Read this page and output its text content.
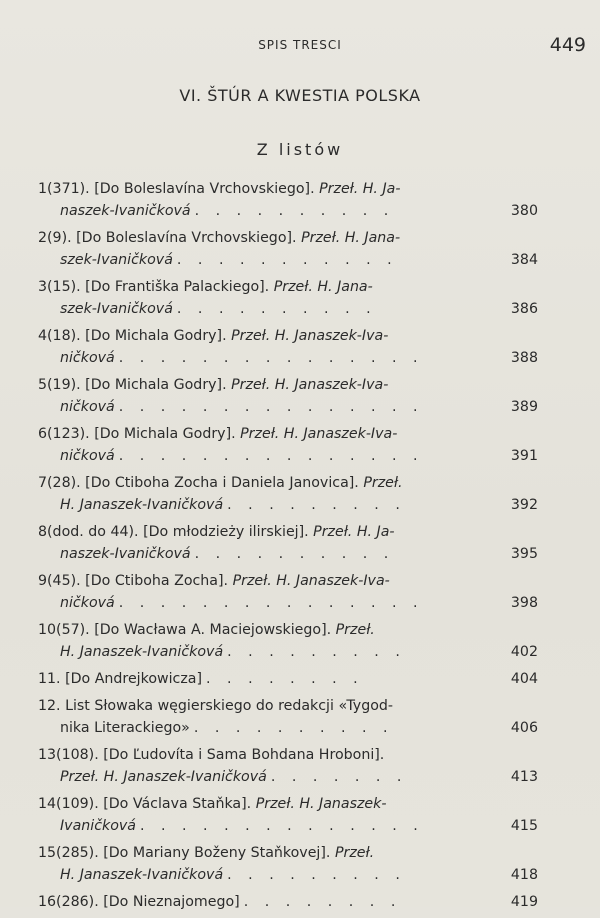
SPIS TRESCI	449
VI. ŠTÚR A KWESTIA POLSKA
Z listów
1(371). [Do Boleslavína Vrchovskiego]. Przeł. H. Ja-
naszek-Ivaničková . . . . . . . . . .	380
2(9). [Do Boleslavína Vrchovskiego]. Przeł. H. Jana-
szek-Ivaničková . . . . . . . . . . .	384
3(15). [Do Františka Palackiego]. Przeł. H. Jana-
szek-Ivaničková . . . . . . . . . .	386
4(18). [Do Michala Godry]. Przeł. H. Janaszek-Iva-
ničková . . . . . . . . . . . . . . .	388
5(19). [Do Michala Godry]. Przeł. H. Janaszek-Iva-
ničková . . . . . . . . . . . . . . .	389
6(123). [Do Michala Godry]. Przeł. H. Janaszek-Iva-
ničková . . . . . . . . . . . . . . .	391
7(28). [Do Ctiboha Zocha i Daniela Janovica]. Przeł.
H. Janaszek-Ivaničková . . . . . . . . .	392
8(dod. do 44). [Do młodzieży ilirskiej]. Przeł. H. Ja-
naszek-Ivaničková . . . . . . . . . .	395
9(45). [Do Ctiboha Zocha]. Przeł. H. Janaszek-Iva-
ničková . . . . . . . . . . . . . . .	398
10(57). [Do Wacława A. Maciejowskiego]. Przeł.
H. Janaszek-Ivaničková . . . . . . . . .	402
11. [Do Andrejkowicza] . . . . . . . .	404
12. List Słowaka węgierskiego do redakcji «Tygod-
nika Literackiego» . . . . . . . . . .	406
13(108). [Do Ľudovíta i Sama Bohdana Hroboni].
Przeł. H. Janaszek-Ivaničková . . . . . . .	413
14(109). [Do Václava Staňka]. Przeł. H. Janaszek-
Ivaničková . . . . . . . . . . . . . .	415
15(285). [Do Mariany Boženy Staňkovej]. Przeł.
H. Janaszek-Ivaničková . . . . . . . . .	418
16(286). [Do Nieznajomego] . . . . . . . .	419
